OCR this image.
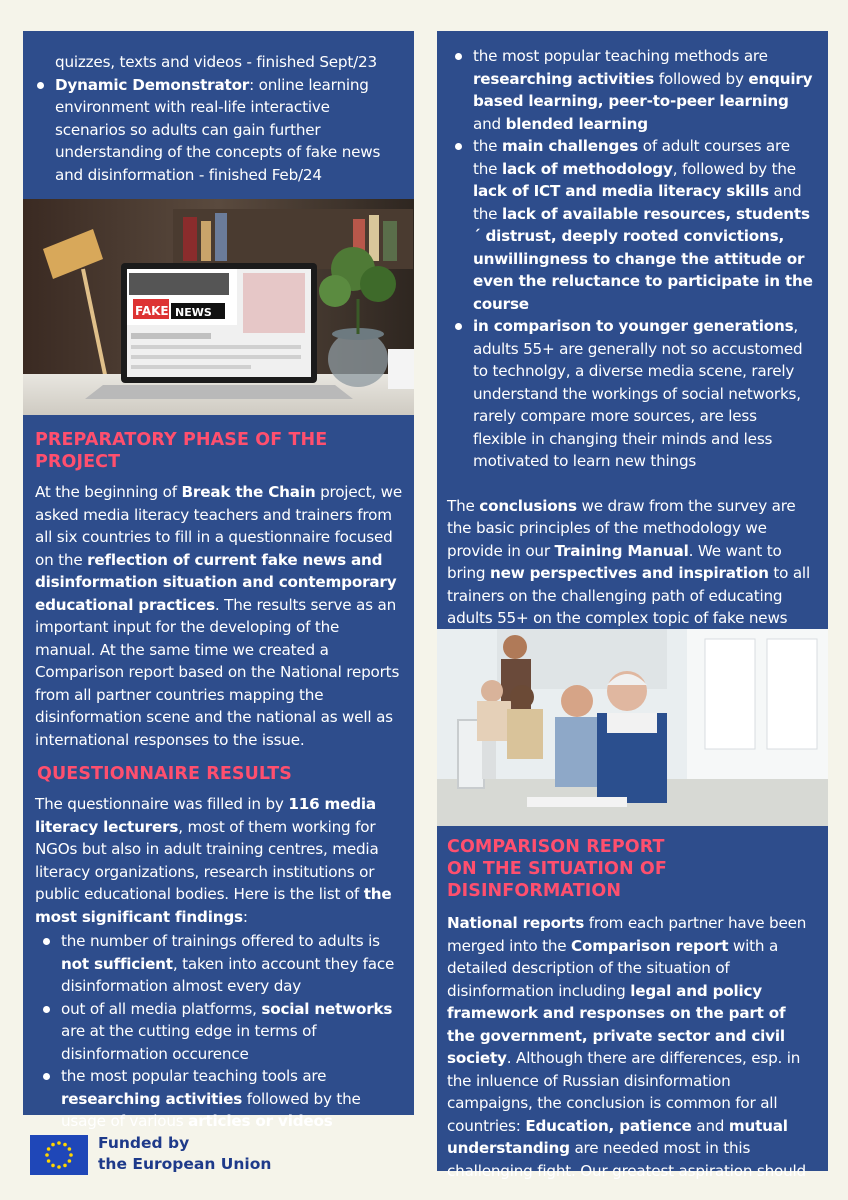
quizzes, texts and videos - finished Sept/23

Dynamic Demonstrator: online learning environment with real-life interactive scenarios so adults can gain further understanding of the concepts of fake news and disinformation - finished Feb/24
FAKE NEWS
PREPARATORY PHASE OF THE PROJECT

At the beginning of Break the Chain project, we asked media literacy teachers and trainers from all six countries to fill in a questionnaire focused on the reflection of current fake news and disinformation situation and contemporary educational practices. The results serve as an important input for the developing of the manual. At the same time we created a Comparison report based on the National reports from all partner countries mapping the disinformation scene and the national as well as international responses to the issue.

QUESTIONNAIRE RESULTS

The questionnaire was filled in by 116 media literacy lecturers, most of them working for NGOs but also in adult training centres, media literacy organizations, research institutions or public educational bodies. Here is the list of the most significant findings:

the number of trainings offered to adults is not sufficient, taken into account they face disinformation almost every day
out of all media platforms, social networks are at the cutting edge in terms of disinformation occurence
the most popular teaching tools are researching activities followed by the usage of various articles or videos
the most popular teaching methods are researching activities followed by enquiry based learning, peer-to-peer learning and blended learning
the main challenges of adult courses are the lack of methodology, followed by the lack of ICT and media literacy skills and the lack of available resources, students´ distrust, deeply rooted convictions, unwillingness to change the attitude or even the reluctance to participate in the course
in comparison to younger generations, adults 55+ are generally not so accustomed to technolgy, a diverse media scene, rarely understand the workings of social networks, rarely compare more sources, are less flexible in changing their minds and less motivated to learn new things

The conclusions we draw from the survey are the basic principles of the methodology we provide in our Training Manual. We want to bring new perspectives and inspiration to all trainers on the challenging path of educating adults 55+ on the complex topic of fake news

COMPARISON REPORT
ON THE SITUATION OF DISINFORMATION

National reports from each partner have been merged into the Comparison report with a detailed description of the situation of disinformation including legal and policy framework and responses on the part of the government, private sector and civil society. Although there are differences, esp. in the inluence of Russian disinformation campaigns, the conclusion is common for all countries: Education, patience and mutual understanding are needed most in this challenging fight. Our greatest aspiration should

Funded by
the European Union
